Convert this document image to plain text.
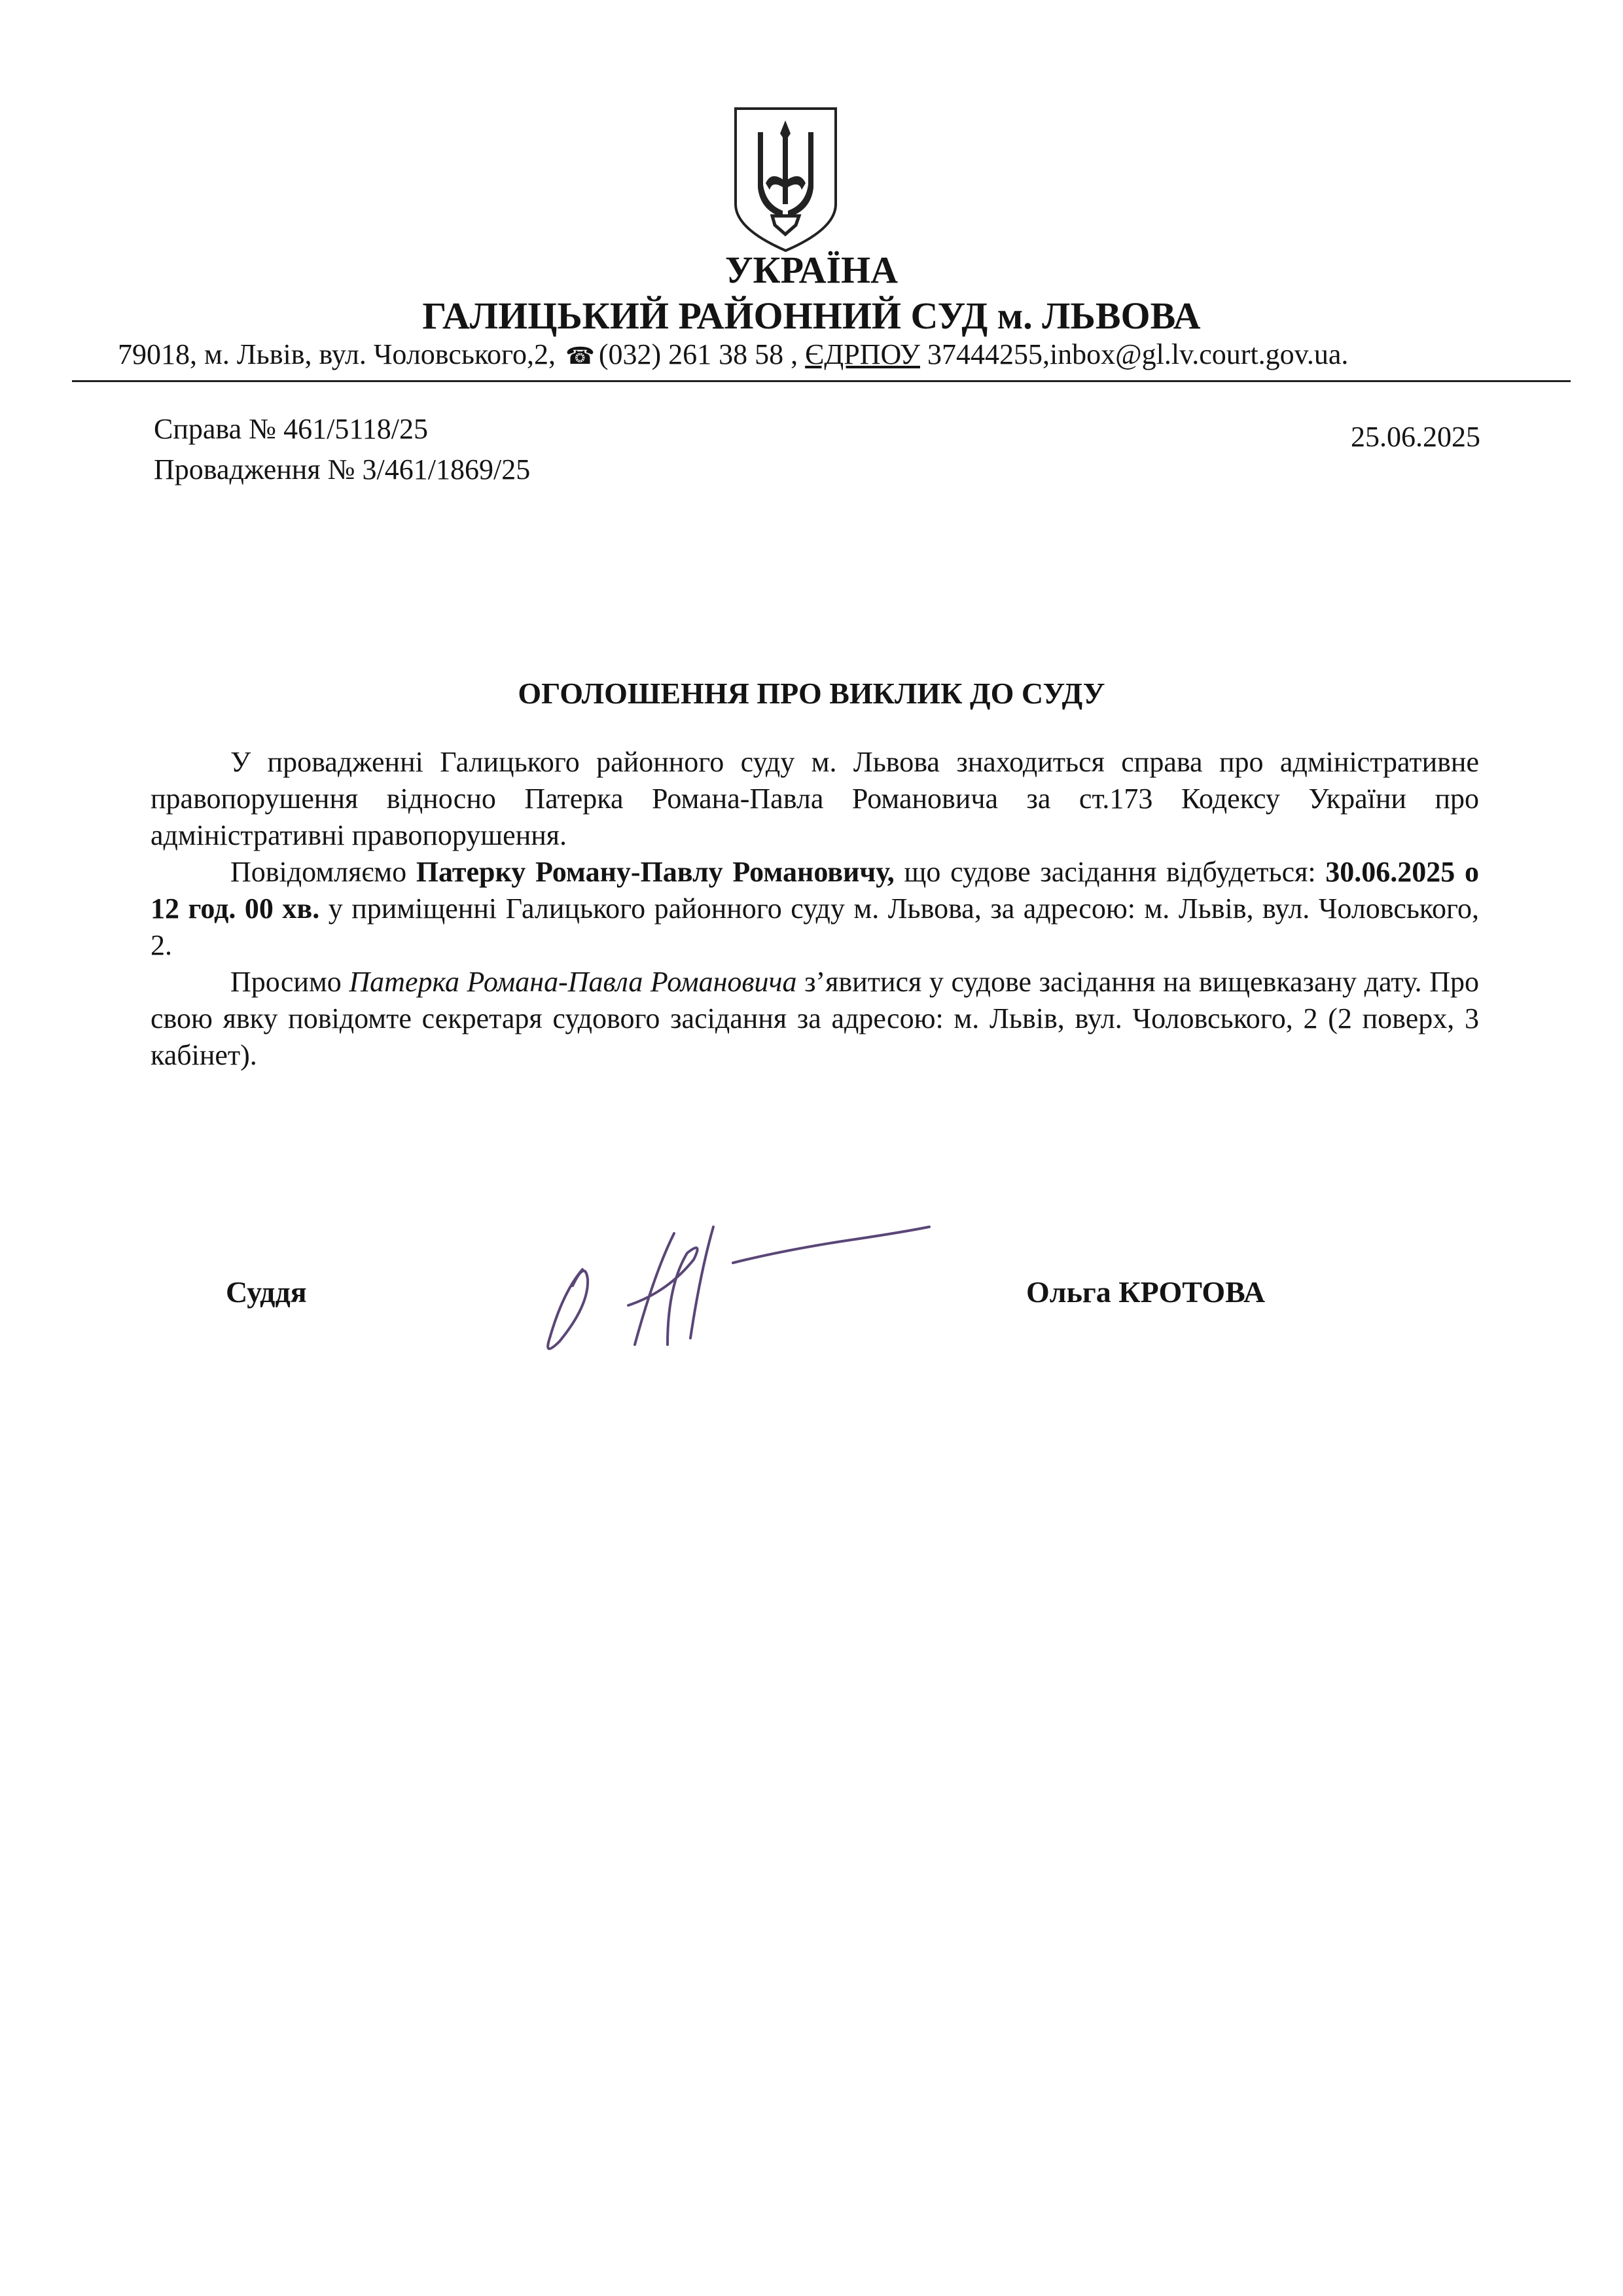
УКРАЇНА
ГАЛИЦЬКИЙ РАЙОННИЙ СУД м. ЛЬВОВА
79018, м. Львів, вул. Чоловського,2, ☎ (032) 261 38 58 , ЄДРПОУ 37444255,inbox@gl.lv.court.gov.ua.
Справа № 461/5118/25
Провадження № 3/461/1869/25
25.06.2025
ОГОЛОШЕННЯ ПРО ВИКЛИК ДО СУДУ

У провадженні Галицького районного суду м. Львова знаходиться справа про адміністративне правопорушення відносно Патерка Романа-Павла Романовича за ст.173 Кодексу України про адміністративні правопорушення.

Повідомляємо Патерку Роману-Павлу Романовичу, що судове засідання відбудеться: 30.06.2025 о 12 год. 00 хв. у приміщенні Галицького районного суду м. Львова, за адресою: м. Львів, вул. Чоловського, 2.

Просимо Патерка Романа-Павла Романовича з’явитися у судове засідання на вищевказану дату. Про свою явку повідомте секретаря судового засідання за адресою: м. Львів, вул. Чоловського, 2 (2 поверх, 3 кабінет).

Суддя	Ольга КРОТОВА
